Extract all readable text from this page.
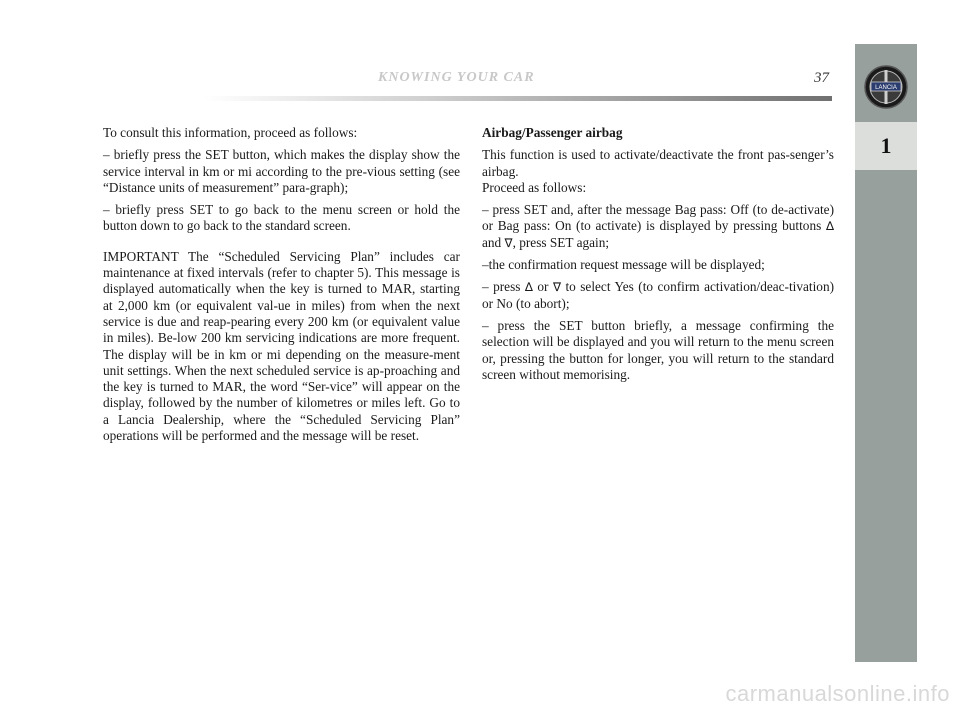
KNOWING YOUR CAR	37
LANCIA
1

To consult this information, proceed as follows:

– briefly press the SET button, which makes the display show the service interval in km or mi according to the pre-vious setting (see “Distance units of measurement” para-graph);

– briefly press SET to go back to the menu screen or hold the button down to go back to the standard screen.

IMPORTANT The “Scheduled Servicing Plan” includes car maintenance at fixed intervals (refer to chapter 5). This message is displayed automatically when the key is turned to MAR, starting at 2,000 km (or equivalent val-ue in miles) from when the next service is due and reap-pearing every 200 km (or equivalent value in miles). Be-low 200 km servicing indications are more frequent. The display will be in km or mi depending on the measure-ment unit settings. When the next scheduled service is ap-proaching and the key is turned to MAR, the word “Ser-vice” will appear on the display, followed by the number of kilometres or miles left. Go to a Lancia Dealership, where the “Scheduled Servicing Plan” operations will be performed and the message will be reset.

Airbag/Passenger airbag

This function is used to activate/deactivate the front pas-senger’s airbag.
Proceed as follows:

– press SET and, after the message Bag pass: Off (to de-activate) or Bag pass: On (to activate) is displayed by pressing buttons ∆ and ∇, press SET again;

–the confirmation request message will be displayed;

– press ∆ or ∇ to select Yes (to confirm activation/deac-tivation) or No (to abort);

– press the SET button briefly, a message confirming the selection will be displayed and you will return to the menu screen or, pressing the button for longer, you will return to the standard screen without memorising.

carmanualsonline.info
